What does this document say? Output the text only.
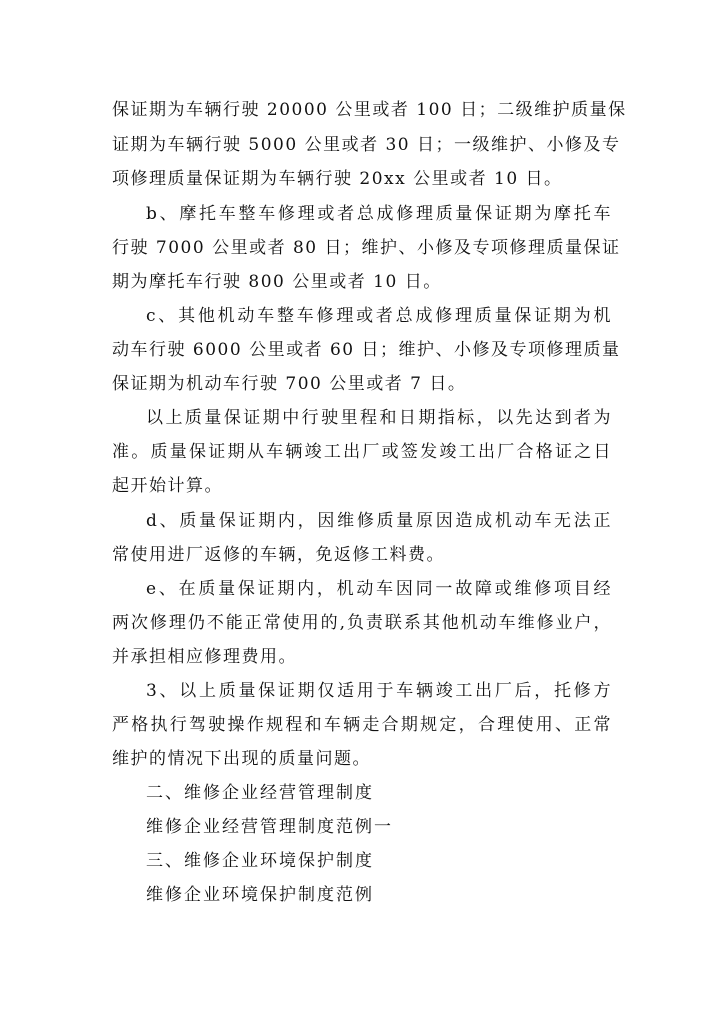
保证期为车辆行驶 20000 公里或者 100 日；二级维护质量保
证期为车辆行驶 5000 公里或者 30 日；一级维护、小修及专
项修理质量保证期为车辆行驶 20xx 公里或者 10 日。
b、摩托车整车修理或者总成修理质量保证期为摩托车
行驶 7000 公里或者 80 日；维护、小修及专项修理质量保证
期为摩托车行驶 800 公里或者 10 日。
c、其他机动车整车修理或者总成修理质量保证期为机
动车行驶 6000 公里或者 60 日；维护、小修及专项修理质量
保证期为机动车行驶 700 公里或者 7 日。
以上质量保证期中行驶里程和日期指标，以先达到者为
准。质量保证期从车辆竣工出厂或签发竣工出厂合格证之日
起开始计算。
d、质量保证期内，因维修质量原因造成机动车无法正
常使用进厂返修的车辆，免返修工料费。
e、在质量保证期内，机动车因同一故障或维修项目经
两次修理仍不能正常使用的,负责联系其他机动车维修业户，
并承担相应修理费用。
3、以上质量保证期仅适用于车辆竣工出厂后，托修方
严格执行驾驶操作规程和车辆走合期规定，合理使用、正常
维护的情况下出现的质量问题。
二、维修企业经营管理制度
维修企业经营管理制度范例一
三、维修企业环境保护制度
维修企业环境保护制度范例
